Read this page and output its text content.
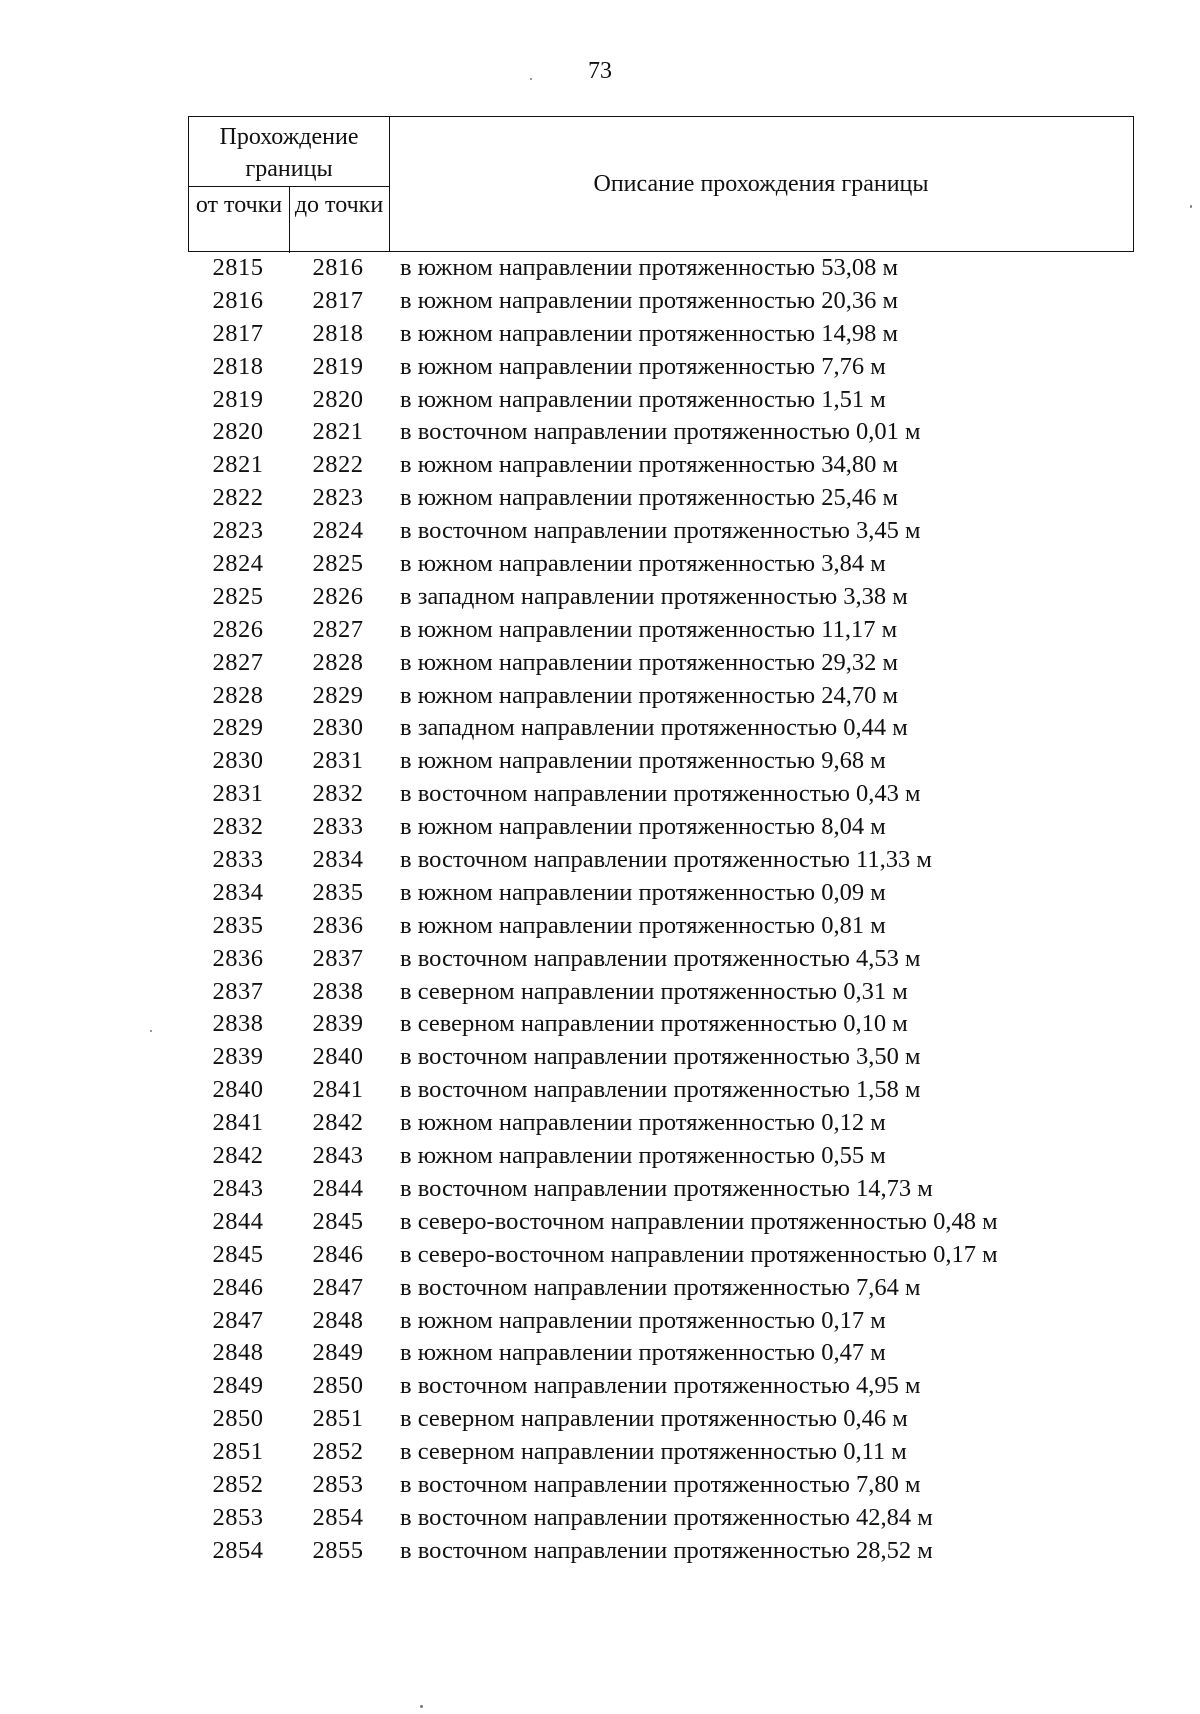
73
Прохождение границы
от точки до точки
Описание прохождения границы
2815	2816	в южном направлении протяженностью 53,08 м
2816	2817	в южном направлении протяженностью 20,36 м
2817	2818	в южном направлении протяженностью 14,98 м
2818	2819	в южном направлении протяженностью 7,76 м
2819	2820	в южном направлении протяженностью 1,51 м
2820	2821	в восточном направлении протяженностью 0,01 м
2821	2822	в южном направлении протяженностью 34,80 м
2822	2823	в южном направлении протяженностью 25,46 м
2823	2824	в восточном направлении протяженностью 3,45 м
2824	2825	в южном направлении протяженностью 3,84 м
2825	2826	в западном направлении протяженностью 3,38 м
2826	2827	в южном направлении протяженностью 11,17 м
2827	2828	в южном направлении протяженностью 29,32 м
2828	2829	в южном направлении протяженностью 24,70 м
2829	2830	в западном направлении протяженностью 0,44 м
2830	2831	в южном направлении протяженностью 9,68 м
2831	2832	в восточном направлении протяженностью 0,43 м
2832	2833	в южном направлении протяженностью 8,04 м
2833	2834	в восточном направлении протяженностью 11,33 м
2834	2835	в южном направлении протяженностью 0,09 м
2835	2836	в южном направлении протяженностью 0,81 м
2836	2837	в восточном направлении протяженностью 4,53 м
2837	2838	в северном направлении протяженностью 0,31 м
2838	2839	в северном направлении протяженностью 0,10 м
2839	2840	в восточном направлении протяженностью 3,50 м
2840	2841	в восточном направлении протяженностью 1,58 м
2841	2842	в южном направлении протяженностью 0,12 м
2842	2843	в южном направлении протяженностью 0,55 м
2843	2844	в восточном направлении протяженностью 14,73 м
2844	2845	в северо-восточном направлении протяженностью 0,48 м
2845	2846	в северо-восточном направлении протяженностью 0,17 м
2846	2847	в восточном направлении протяженностью 7,64 м
2847	2848	в южном направлении протяженностью 0,17 м
2848	2849	в южном направлении протяженностью 0,47 м
2849	2850	в восточном направлении протяженностью 4,95 м
2850	2851	в северном направлении протяженностью 0,46 м
2851	2852	в северном направлении протяженностью 0,11 м
2852	2853	в восточном направлении протяженностью 7,80 м
2853	2854	в восточном направлении протяженностью 42,84 м
2854	2855	в восточном направлении протяженностью 28,52 м
